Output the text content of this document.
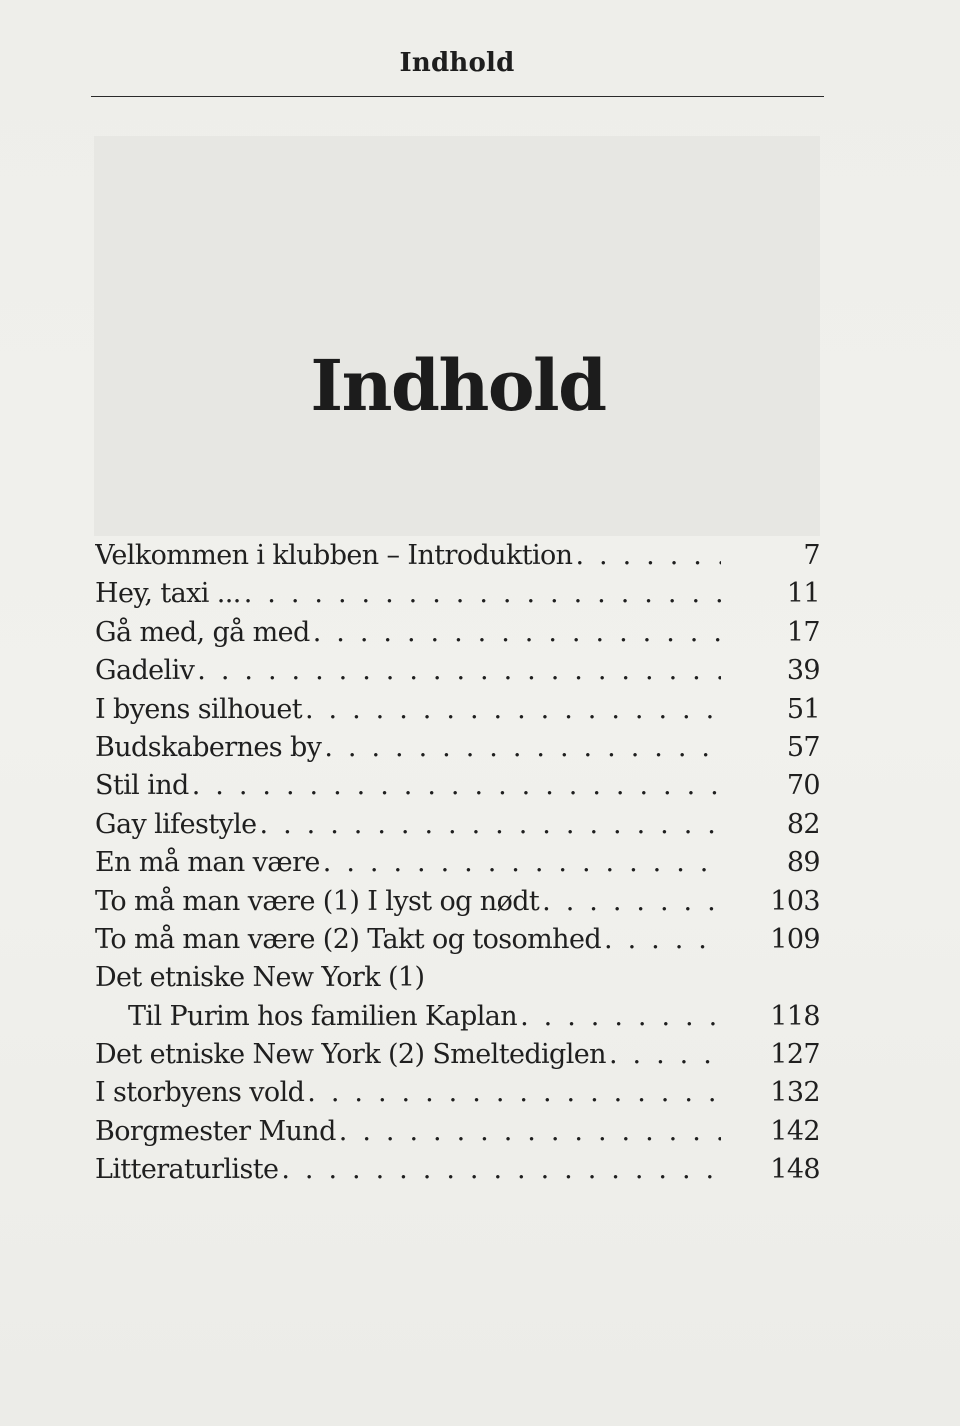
Indhold
Indhold
Velkommen i klubben – Introduktion . . .	7
Hey, taxi ... . . .	11
Gå med, gå med . . .	17
Gadeliv . . .	39
I byens silhouet . . .	51
Budskabernes by . . .	57
Stil ind . . .	70
Gay lifestyle . . .	82
En må man være . . .	89
To må man være (1) I lyst og nødt . . .	103
To må man være (2) Takt og tosomhed . . .	109
Det etniske New York (1)
Til Purim hos familien Kaplan . . .	118
Det etniske New York (2) Smeltediglen . . .	127
I storbyens vold . . .	132
Borgmester Mund . . .	142
Litteraturliste . . .	148
